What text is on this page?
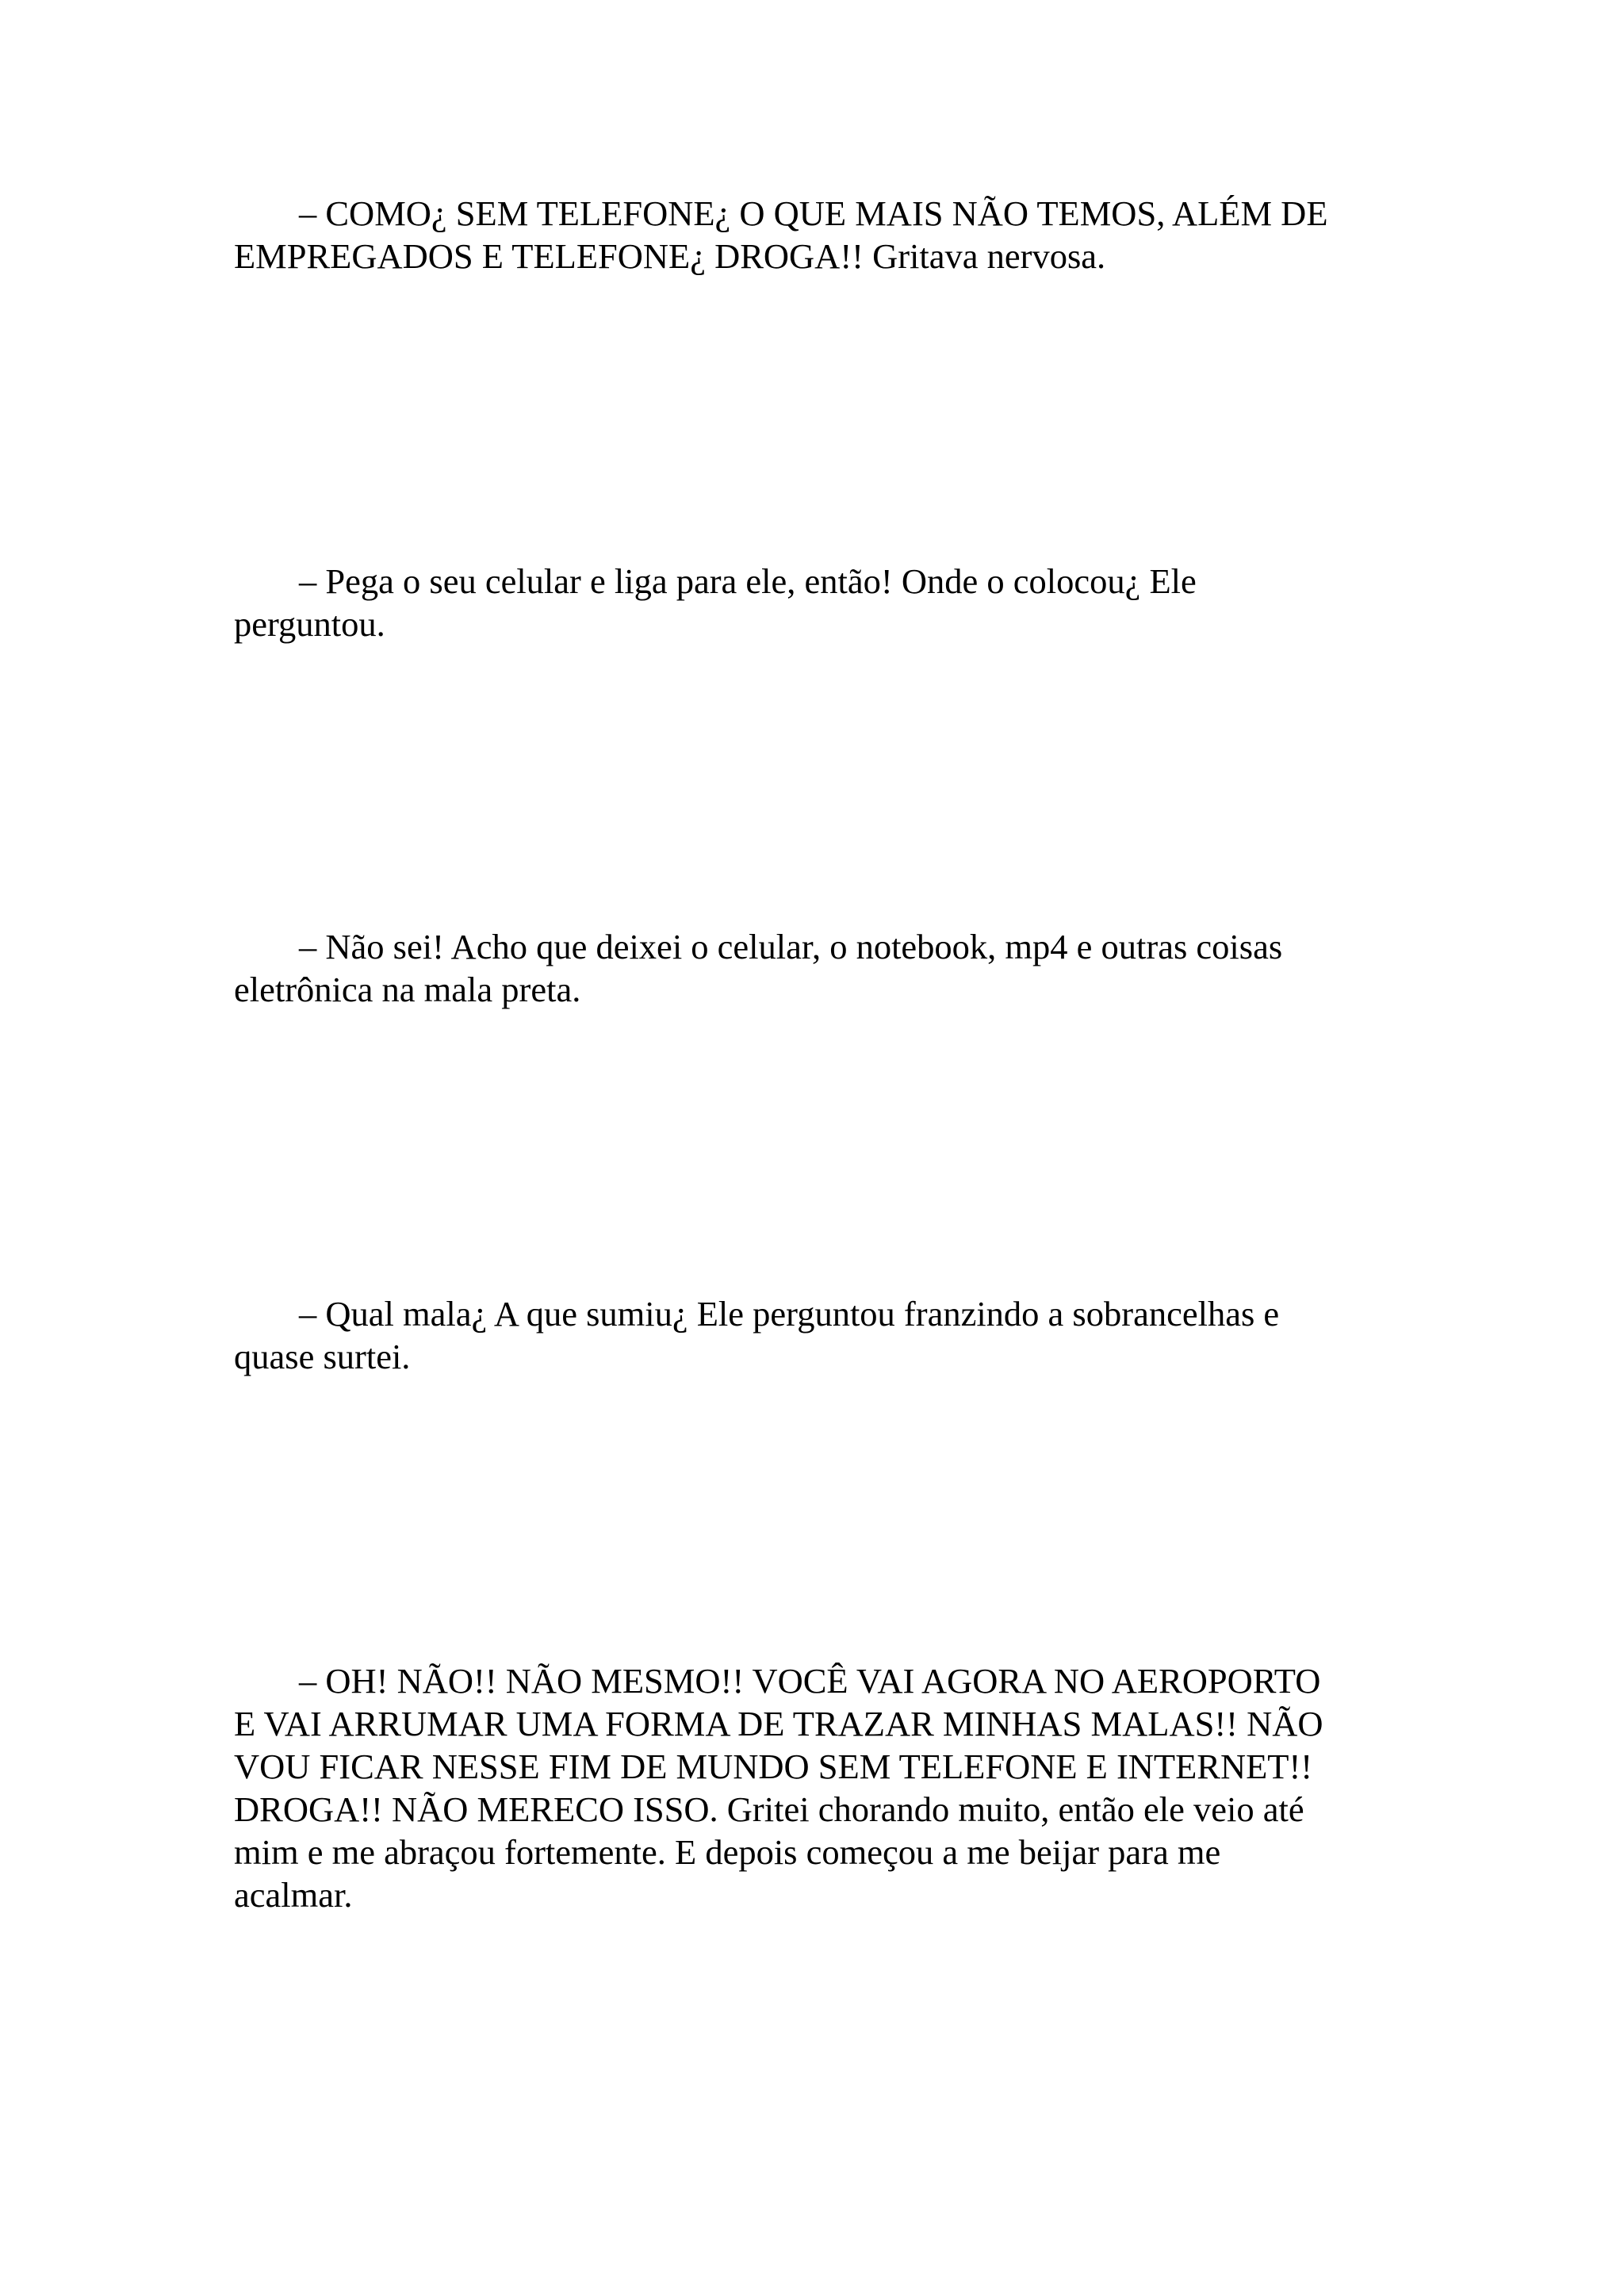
– COMO¿ SEM TELEFONE¿ O QUE MAIS NÃO TEMOS, ALÉM DE
EMPREGADOS E TELEFONE¿ DROGA!! Gritava nervosa.

– Pega o seu celular e liga para ele, então! Onde o colocou¿ Ele
perguntou.

– Não sei! Acho que deixei o celular, o notebook, mp4 e outras coisas
eletrônica na mala preta.

– Qual mala¿ A que sumiu¿ Ele perguntou franzindo a sobrancelhas e
quase surtei.

– OH! NÃO!! NÃO MESMO!! VOCÊ VAI AGORA NO AEROPORTO
E VAI ARRUMAR UMA FORMA DE TRAZAR MINHAS MALAS!! NÃO
VOU FICAR NESSE FIM DE MUNDO SEM TELEFONE E INTERNET!!
DROGA!! NÃO MERECO ISSO. Gritei chorando muito, então ele veio até
mim e me abraçou fortemente. E depois começou a me beijar para me
acalmar.
